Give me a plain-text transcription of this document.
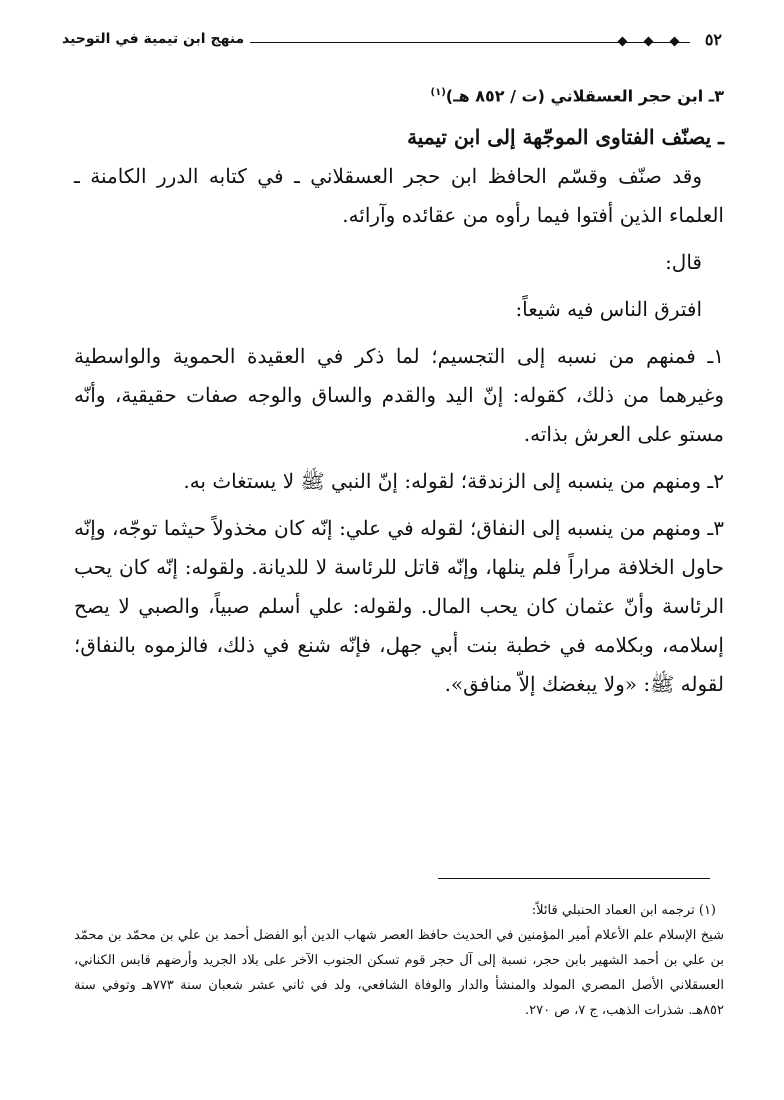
٥٢
منهج ابن تيمية في التوحيد
٣ـ ابن حجر العسقلاني (ت / ٨٥٢ هـ)$^{(١)}$

ـ يصنّف الفتاوى الموجّهة إلى ابن تيمية

وقد صنّف وقسّم الحافظ ابن حجر العسقلاني ـ في كتابه الدرر الكامنة ـ العلماء الذين أفتوا فيما رأوه من عقائده وآرائه.

قال:

افترق الناس فيه شيعاً:

١ـ فمنهم من نسبه إلى التجسيم؛ لما ذكر في العقيدة الحموية والواسطية وغيرهما من ذلك، كقوله: إنّ اليد والقدم والساق والوجه صفات حقيقية، وأنّه مستو على العرش بذاته.

٢ـ ومنهم من ينسبه إلى الزندقة؛ لقوله: إنّ النبي ﷺ لا يستغاث به.

٣ـ ومنهم من ينسبه إلى النفاق؛ لقوله في علي: إنّه كان مخذولاً حيثما توجّه، وإنّه حاول الخلافة مراراً فلم ينلها، وإنّه قاتل للرئاسة لا للديانة. ولقوله: إنّه كان يحب الرئاسة وأنّ عثمان كان يحب المال. ولقوله: علي أسلم صبياً، والصبي لا يصح إسلامه، وبكلامه في خطبة بنت أبي جهل، فإنّه شنع في ذلك، فالزموه بالنفاق؛ لقوله ﷺ: «ولا يبغضك إلاّ منافق».

(١) ترجمه ابن العماد الحنبلي قائلاً:

شيخ الإسلام علم الأعلام أمير المؤمنين في الحديث حافظ العصر شهاب الدين أبو الفضل أحمد بن علي بن محمّد بن محمّد بن علي بن أحمد الشهير بابن حجر، نسبة إلى آل حجر قوم تسكن الجنوب الآخر على بلاد الجريد وأرضهم قابس الكناني، العسقلاني الأصل المصري المولد والمنشأ والدار والوفاة الشافعي، ولد في ثاني عشر شعبان سنة ٧٧٣هـ وتوفي سنة ٨٥٢هـ. شذرات الذهب، ج ٧، ص ٢٧٠.
